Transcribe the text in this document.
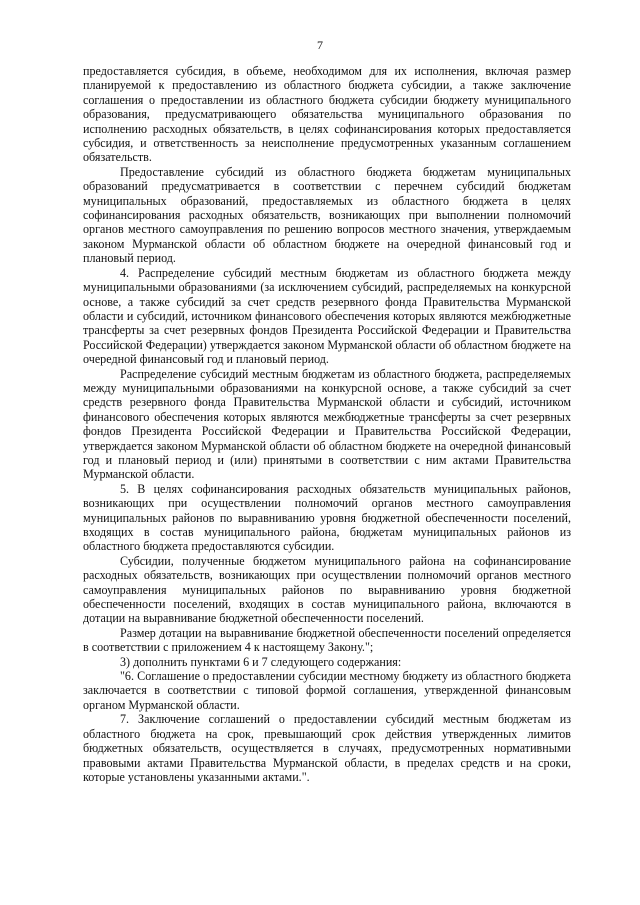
7

предоставляется субсидия, в объеме, необходимом для их исполнения, включая размер планируемой к предоставлению из областного бюджета субсидии, а также заключение соглашения о предоставлении из областного бюджета субсидии бюджету муниципального образования, предусматривающего обязательства муниципального образования по исполнению расходных обязательств, в целях софинансирования которых предоставляется субсидия, и ответственность за неисполнение предусмотренных указанным соглашением обязательств.

Предоставление субсидий из областного бюджета бюджетам муниципальных образований предусматривается в соответствии с перечнем субсидий бюджетам муниципальных образований, предоставляемых из областного бюджета в целях софинансирования расходных обязательств, возникающих при выполнении полномочий органов местного самоуправления по решению вопросов местного значения, утверждаемым законом Мурманской области об областном бюджете на очередной финансовый год и плановый период.

4. Распределение субсидий местным бюджетам из областного бюджета между муниципальными образованиями (за исключением субсидий, распределяемых на конкурсной основе, а также субсидий за счет средств резервного фонда Правительства Мурманской области и субсидий, источником финансового обеспечения которых являются межбюджетные трансферты за счет резервных фондов Президента Российской Федерации и Правительства Российской Федерации) утверждается законом Мурманской области об областном бюджете на очередной финансовый год и плановый период.

Распределение субсидий местным бюджетам из областного бюджета, распределяемых между муниципальными образованиями на конкурсной основе, а также субсидий за счет средств резервного фонда Правительства Мурманской области и субсидий, источником финансового обеспечения которых являются межбюджетные трансферты за счет резервных фондов Президента Российской Федерации и Правительства Российской Федерации, утверждается законом Мурманской области об областном бюджете на очередной финансовый год и плановый период и (или) принятыми в соответствии с ним актами Правительства Мурманской области.

5. В целях софинансирования расходных обязательств муниципальных районов, возникающих при осуществлении полномочий органов местного самоуправления муниципальных районов по выравниванию уровня бюджетной обеспеченности поселений, входящих в состав муниципального района, бюджетам муниципальных районов из областного бюджета предоставляются субсидии.

Субсидии, полученные бюджетом муниципального района на софинансирование расходных обязательств, возникающих при осуществлении полномочий органов местного самоуправления муниципальных районов по выравниванию уровня бюджетной обеспеченности поселений, входящих в состав муниципального района, включаются в дотации на выравнивание бюджетной обеспеченности поселений.

Размер дотации на выравнивание бюджетной обеспеченности поселений определяется в соответствии с приложением 4 к настоящему Закону.";

3) дополнить пунктами 6 и 7 следующего содержания:

"6. Соглашение о предоставлении субсидии местному бюджету из областного бюджета заключается в соответствии с типовой формой соглашения, утвержденной финансовым органом Мурманской области.

7. Заключение соглашений о предоставлении субсидий местным бюджетам из областного бюджета на срок, превышающий срок действия утвержденных лимитов бюджетных обязательств, осуществляется в случаях, предусмотренных нормативными правовыми актами Правительства Мурманской области, в пределах средств и на сроки, которые установлены указанными актами.".
